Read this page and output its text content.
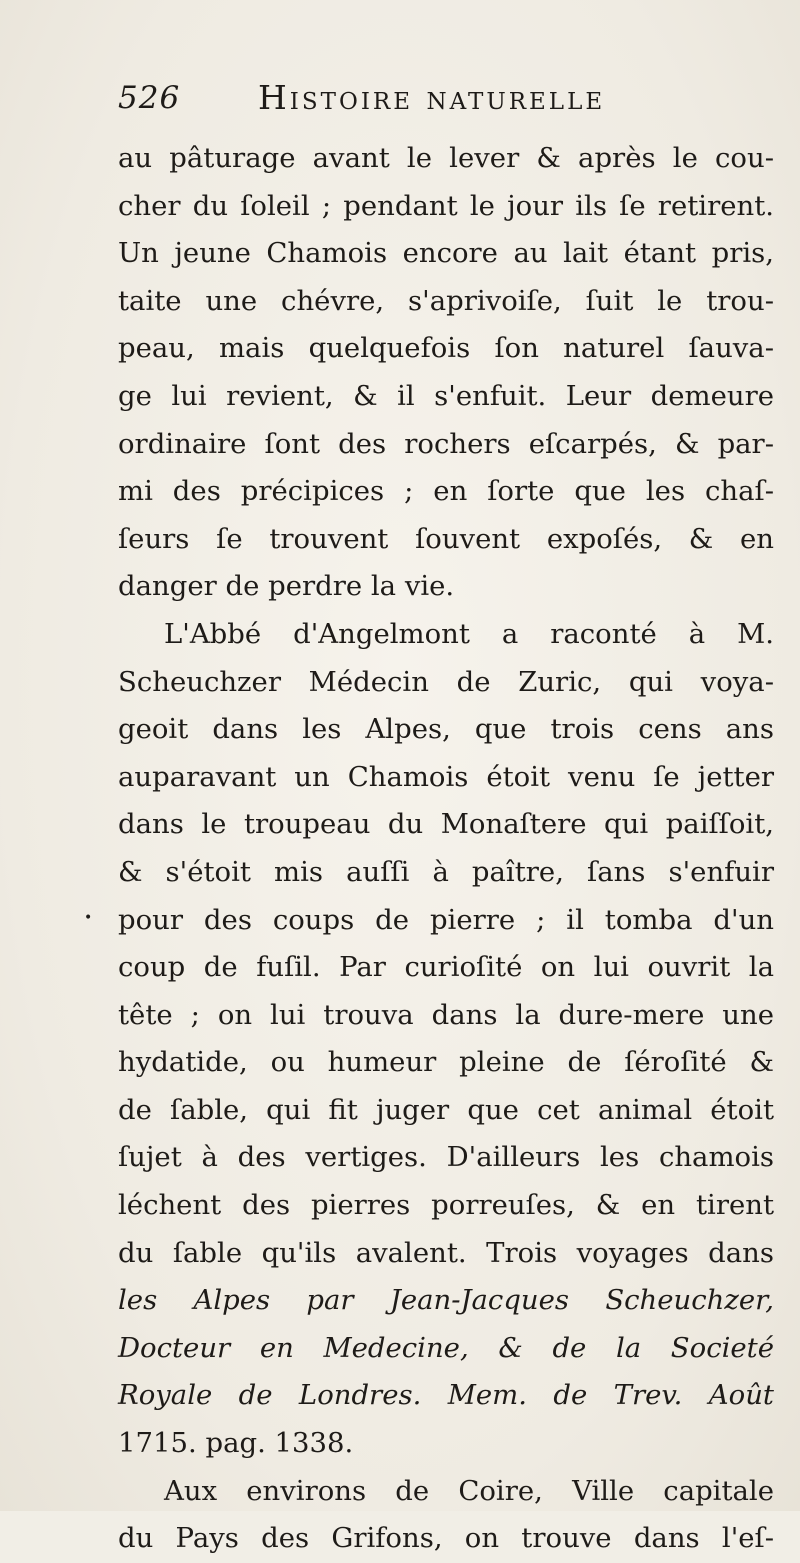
526 Histoire naturelle
•
au pâturage avant le lever & après le cou-
cher du ſoleil ; pendant le jour ils ſe retirent.
Un jeune Chamois encore au lait étant pris,
taite une chévre, s'aprivoiſe, ſuit le trou-
peau, mais quelquefois ſon naturel ſauva-
ge lui revient, & il s'enfuit. Leur demeure
ordinaire ſont des rochers eſcarpés, & par-
mi des précipices ; en ſorte que les chaſ-
ſeurs ſe trouvent ſouvent expoſés, & en
danger de perdre la vie.
L'Abbé d'Angelmont a raconté à M.
Scheuchzer Médecin de Zuric, qui voya-
geoit dans les Alpes, que trois cens ans
auparavant un Chamois étoit venu ſe jetter
dans le troupeau du Monaſtere qui paiſſoit,
& s'étoit mis auſſi à paître, ſans s'enfuir
pour des coups de pierre ; il tomba d'un
coup de fuſil. Par curioſité on lui ouvrit la
tête ; on lui trouva dans la dure-mere une
hydatide, ou humeur pleine de ſéroſité &
de ſable, qui fit juger que cet animal étoit
ſujet à des vertiges. D'ailleurs les chamois
léchent des pierres porreuſes, & en tirent
du ſable qu'ils avalent. Trois voyages dans
les Alpes par Jean-Jacques Scheuchzer,
Docteur en Medecine, & de la Societé
Royale de Londres. Mem. de Trev. Août
1715. pag. 1338.
Aux environs de Coire, Ville capitale
du Pays des Grifons, on trouve dans l'eſ-
